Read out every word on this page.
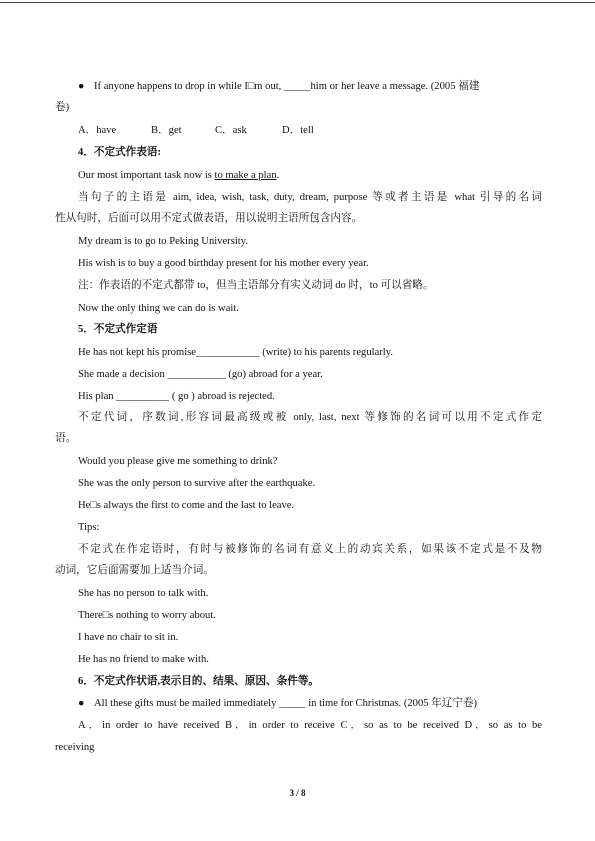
● If anyone happens to drop in while I□m out, _____him or her leave a message. (2005 福建
卷)
A．have	B．get	C．ask	D．tell
4．不定式作表语:
Our most important task now is to make a plan.
当句子的主语是 aim, idea, wish, task, duty, dream, purpose 等或者主语是 what 引导的名词
性从句时，后面可以用不定式做表语，用以说明主语所包含内容。
My dream is to go to Peking University.
His wish is to buy a good birthday present for his mother every year.
注：作表语的不定式都带 to，但当主语部分有实义动词 do 时，to 可以省略。
Now the only thing we can do is wait.
5．不定式作定语
He has not kept his promise____________ (write) to his parents regularly.
She made a decision ___________ (go) abroad for a year.
His plan __________ ( go ) abroad is rejected.
不定代词，序数词,形容词最高级或被 only, last, next 等修饰的名词可以用不定式作定
语。
Would you please give me something to drink?
She was the only person to survive after the earthquake.
He□s always the first to come and the last to leave.
Tips:
不定式在作定语时，有时与被修饰的名词有意义上的动宾关系，如果该不定式是不及物
动词，它后面需要加上适当介词。
She has no person to talk with.
There□s nothing to worry about.
I have no chair to sit in.
He has no friend to make with.
6．不定式作状语,表示目的、结果、原因、条件等。
● All these gifts must be mailed immediately _____ in time for Christmas. (2005 年辽宁卷)
A．in order to have received B．in order to receive C．so as to be received D．so as to be
receiving
3 / 8
